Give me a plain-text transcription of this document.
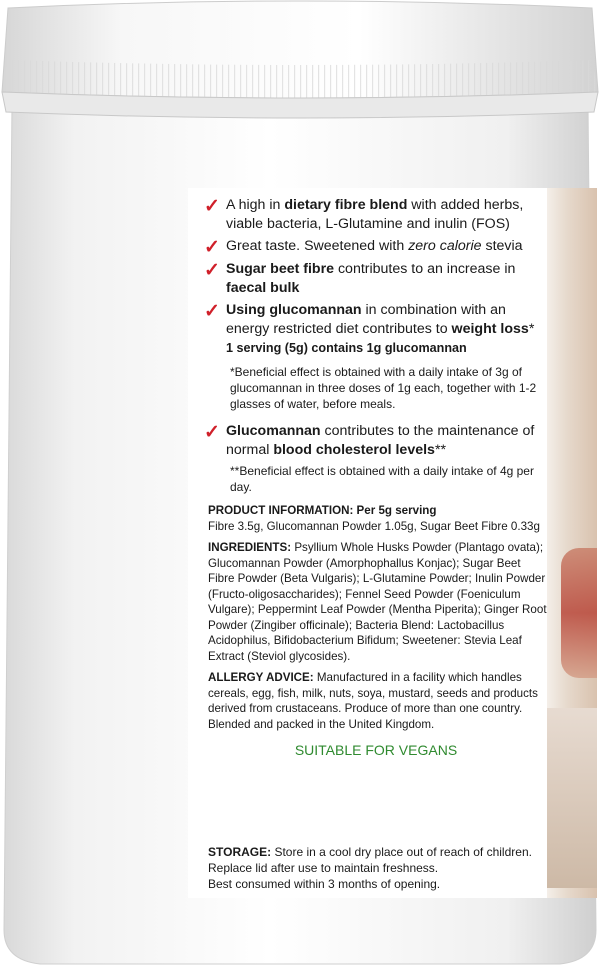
✓ A high in dietary fibre blend with added herbs, viable bacteria, L-Glutamine and inulin (FOS)
✓ Great taste. Sweetened with zero calorie stevia
✓ Sugar beet fibre contributes to an increase in faecal bulk
✓ Using glucomannan in combination with an energy restricted diet contributes to weight loss*
1 serving (5g) contains 1g glucomannan
*Beneficial effect is obtained with a daily intake of 3g of glucomannan in three doses of 1g each, together with 1-2 glasses of water, before meals.
✓ Glucomannan contributes to the maintenance of normal blood cholesterol levels**
**Beneficial effect is obtained with a daily intake of 4g per day.
PRODUCT INFORMATION: Per 5g serving
Fibre 3.5g, Glucomannan Powder 1.05g, Sugar Beet Fibre 0.33g
INGREDIENTS: Psyllium Whole Husks Powder (Plantago ovata); Glucomannan Powder (Amorphophallus Konjac); Sugar Beet Fibre Powder (Beta Vulgaris); L-Glutamine Powder; Inulin Powder (Fructo-oligosaccharides); Fennel Seed Powder (Foeniculum Vulgare); Peppermint Leaf Powder (Mentha Piperita); Ginger Root Powder (Zingiber officinale); Bacteria Blend: Lactobacillus Acidophilus, Bifidobacterium Bifidum; Sweetener: Stevia Leaf Extract (Steviol glycosides).
ALLERGY ADVICE: Manufactured in a facility which handles cereals, egg, fish, milk, nuts, soya, mustard, seeds and products derived from crustaceans. Produce of more than one country. Blended and packed in the United Kingdom.
SUITABLE FOR VEGANS
STORAGE: Store in a cool dry place out of reach of children.
Replace lid after use to maintain freshness.
Best consumed within 3 months of opening.
